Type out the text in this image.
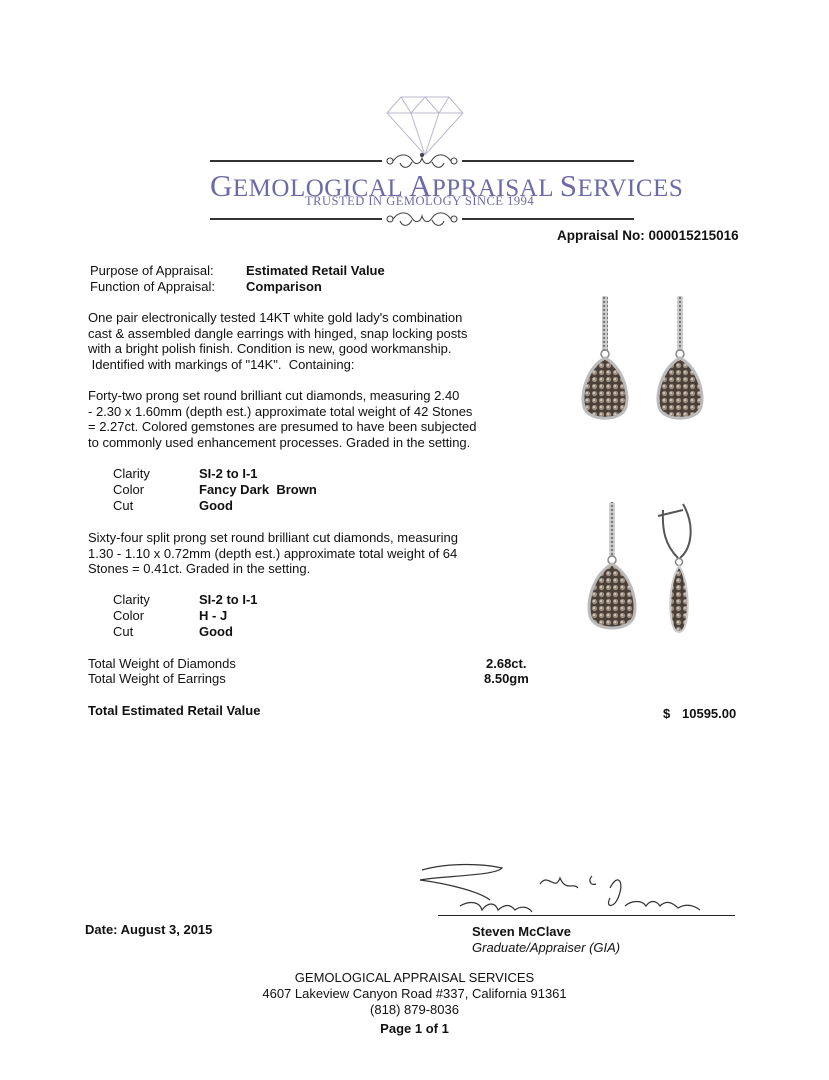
GEMOLOGICAL APPRAISAL SERVICES
TRUSTED IN GEMOLOGY SINCE 1994
Appraisal No: 000015215016
Purpose of Appraisal: Estimated Retail Value
Function of Appraisal: Comparison
One pair electronically tested 14KT white gold lady's combination
cast & assembled dangle earrings with hinged, snap locking posts
with a bright polish finish. Condition is new, good workmanship.
Identified with markings of "14K".  Containing:
Forty-two prong set round brilliant cut diamonds, measuring 2.40
- 2.30 x 1.60mm (depth est.) approximate total weight of 42 Stones
= 2.27ct. Colored gemstones are presumed to have been subjected
to commonly used enhancement processes. Graded in the setting.
Clarity	SI-2 to I-1
Color	Fancy Dark  Brown
Cut	Good
Sixty-four split prong set round brilliant cut diamonds, measuring
1.30 - 1.10 x 0.72mm (depth est.) approximate total weight of 64
Stones = 0.41ct. Graded in the setting.
Clarity	SI-2 to I-1
Color	H - J
Cut	Good
Total Weight of Diamonds	2.68ct.
Total Weight of Earrings	8.50gm
Total Estimated Retail Value	$ 10595.00
Date: August 3, 2015	Steven McClave
Graduate/Appraiser (GIA)
GEMOLOGICAL APPRAISAL SERVICES
4607 Lakeview Canyon Road #337, California 91361
(818) 879-8036
Page 1 of 1
